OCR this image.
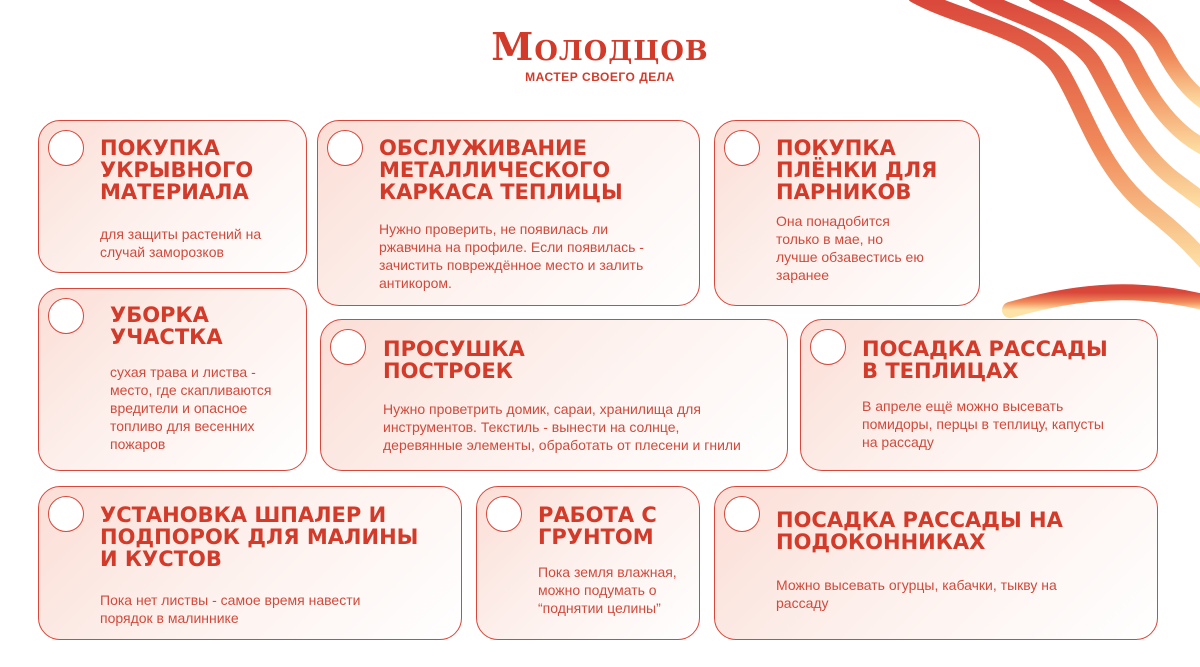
Молодцов
МАСТЕР СВОЕГО ДЕЛА
ПОКУПКА
УКРЫВНОГО
МАТЕРИАЛА

для защиты растений на
случай заморозков

ОБСЛУЖИВАНИЕ
МЕТАЛЛИЧЕСКОГО
КАРКАСА ТЕПЛИЦЫ

Нужно проверить, не появилась ли
ржавчина на профиле. Если появилась -
зачистить повреждённое место и залить
антикором.

ПОКУПКА
ПЛЁНКИ ДЛЯ
ПАРНИКОВ

Она понадобится
только в мае, но
лучше обзавестись ею
заранее

УБОРКА
УЧАСТКА

сухая трава и листва -
место, где скапливаются
вредители и опасное
топливо для весенних
пожаров

ПРОСУШКА
ПОСТРОЕК

Нужно проветрить домик, сараи, хранилища для
инструментов. Текстиль - вынести на солнце,
деревянные элементы, обработать от плесени и гнили

ПОСАДКА РАССАДЫ
В ТЕПЛИЦАХ

В апреле ещё можно высевать
помидоры, перцы в теплицу, капусты
на рассаду

УСТАНОВКА ШПАЛЕР И
ПОДПОРОК ДЛЯ МАЛИНЫ
И КУСТОВ

Пока нет листвы - самое время навести
порядок в малиннике

РАБОТА С
ГРУНТОМ

Пока земля влажная,
можно подумать о
“поднятии целины”

ПОСАДКА РАССАДЫ НА
ПОДОКОННИКАХ

Можно высевать огурцы, кабачки, тыкву на
рассаду
